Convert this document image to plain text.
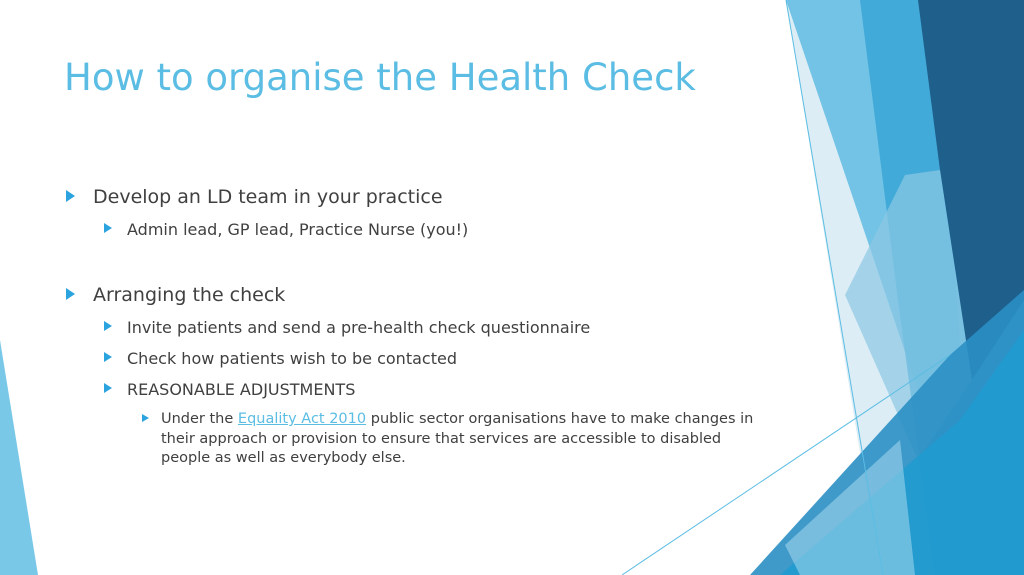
How to organise the Health Check
Develop an LD team in your practice
Admin lead, GP lead, Practice Nurse (you!)
Arranging the check
Invite patients and send a pre-health check questionnaire
Check how patients wish to be contacted
REASONABLE ADJUSTMENTS
Under the Equality Act 2010 public sector organisations have to make changes in their approach or provision to ensure that services are accessible to disabled people as well as everybody else.
